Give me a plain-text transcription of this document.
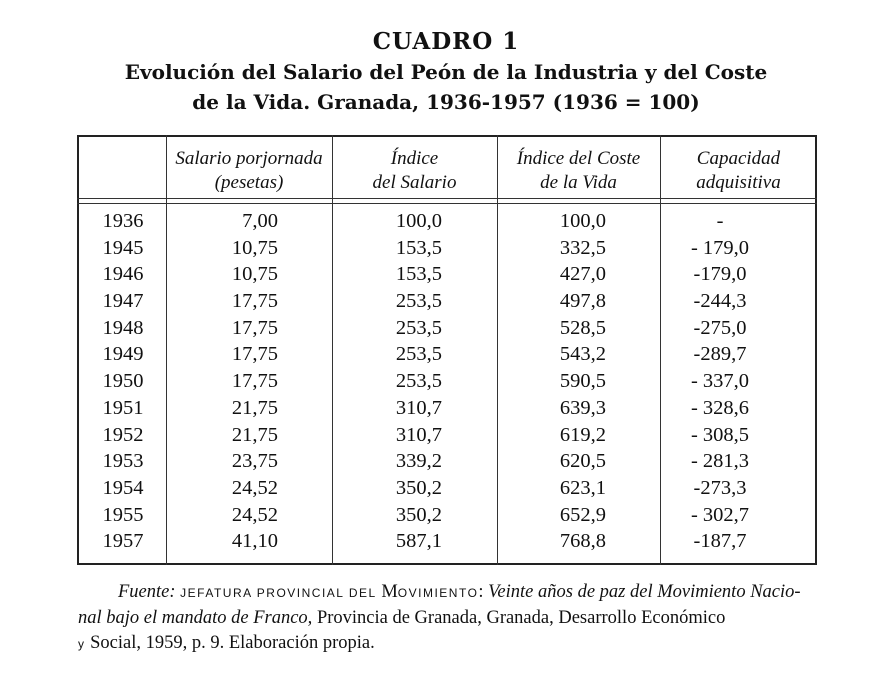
CUADRO 1
Evolución del Salario del Peón de la Industria y del Coste
de la Vida. Granada, 1936-1957 (1936 = 100)
Salario porjornada
(pesetas)
Índice
del Salario
Índice del Coste
de la Vida
Capacidad
adquisitiva
1936
1945
1946
1947
1948
1949
1950
1951
1952
1953
1954
1955
1957
7,00
10,75
10,75
17,75
17,75
17,75
17,75
21,75
21,75
23,75
24,52
24,52
41,10
100,0
153,5
153,5
253,5
253,5
253,5
253,5
310,7
310,7
339,2
350,2
350,2
587,1
100,0
332,5
427,0
497,8
528,5
543,2
590,5
639,3
619,2
620,5
623,1
652,9
768,8
-
- 179,0
-179,0
-244,3
-275,0
-289,7
- 337,0
- 328,6
- 308,5
- 281,3
-273,3
- 302,7
-187,7
Fuente: JEFATURA PROVINCIAL DEL MOVIMIENTO: Veinte años de paz del Movimiento Nacio-
nal bajo el mandato de Franco, Provincia de Granada, Granada, Desarrollo Económico
y Social, 1959, p. 9. Elaboración propia.
